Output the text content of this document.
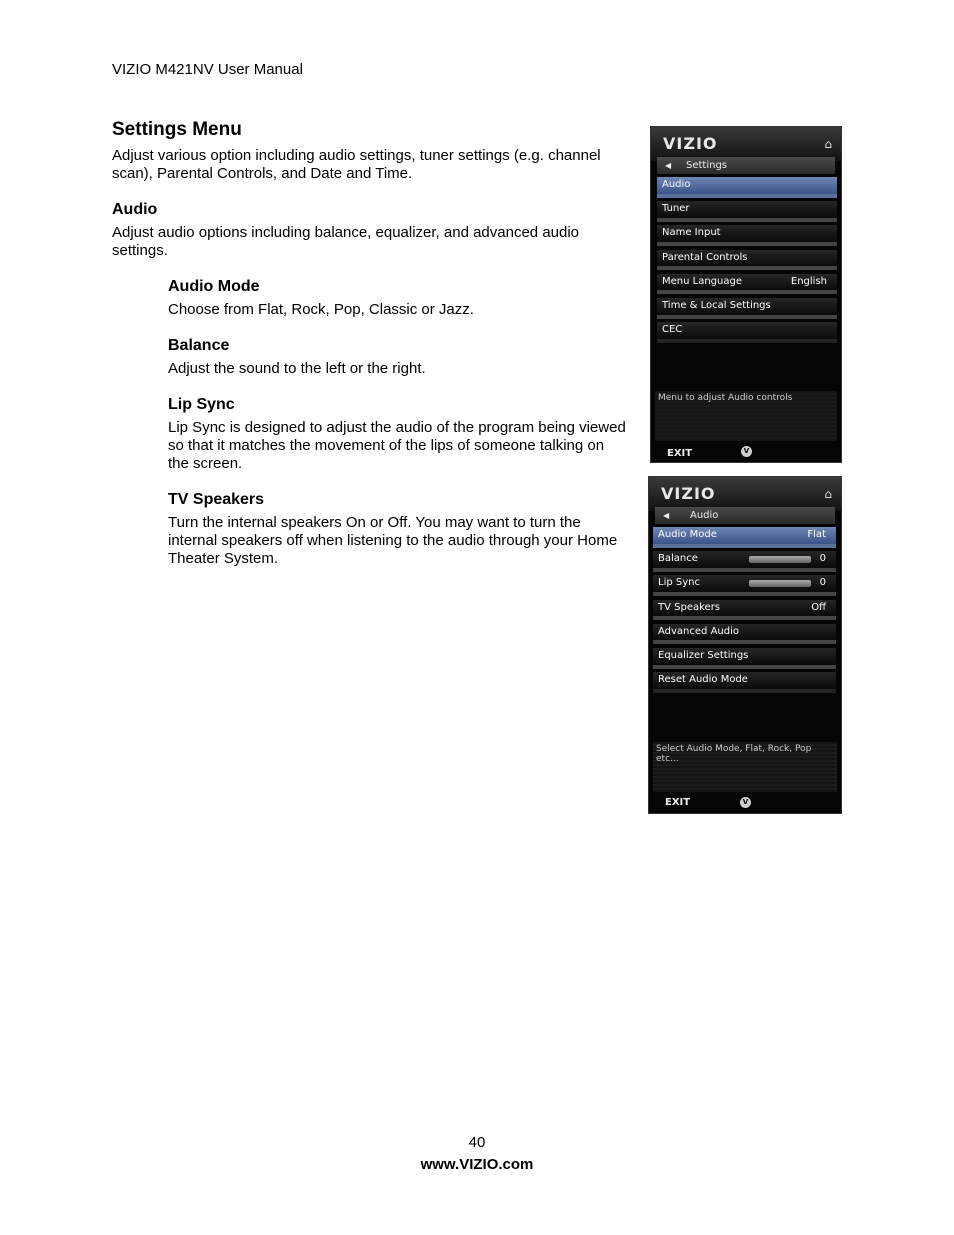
VIZIO M421NV User Manual
Settings Menu
Adjust various option including audio settings, tuner settings (e.g. channel scan), Parental Controls, and Date and Time.
Audio
Adjust audio options including balance, equalizer, and advanced audio settings.
Audio Mode
Choose from Flat, Rock, Pop, Classic or Jazz.
Balance
Adjust the sound to the left or the right.
Lip Sync
Lip Sync is designed to adjust the audio of the program being viewed so that it matches the movement of the lips of someone talking on the screen.
TV Speakers
Turn the internal speakers On or Off. You may want to turn the internal speakers off when listening to the audio through your Home Theater System.
VIZIO	⌂
◀ Settings
Audio
Tuner
Name Input
Parental Controls
Menu Language	English
Time & Local Settings
CEC
Menu to adjust Audio controls
EXIT	V
VIZIO	⌂
◀ Audio
Audio Mode	Flat
Balance	0
Lip Sync	0
TV Speakers	Off
Advanced Audio
Equalizer Settings
Reset Audio Mode
Select Audio Mode, Flat, Rock, Pop etc...
EXIT	V
40
www.VIZIO.com
